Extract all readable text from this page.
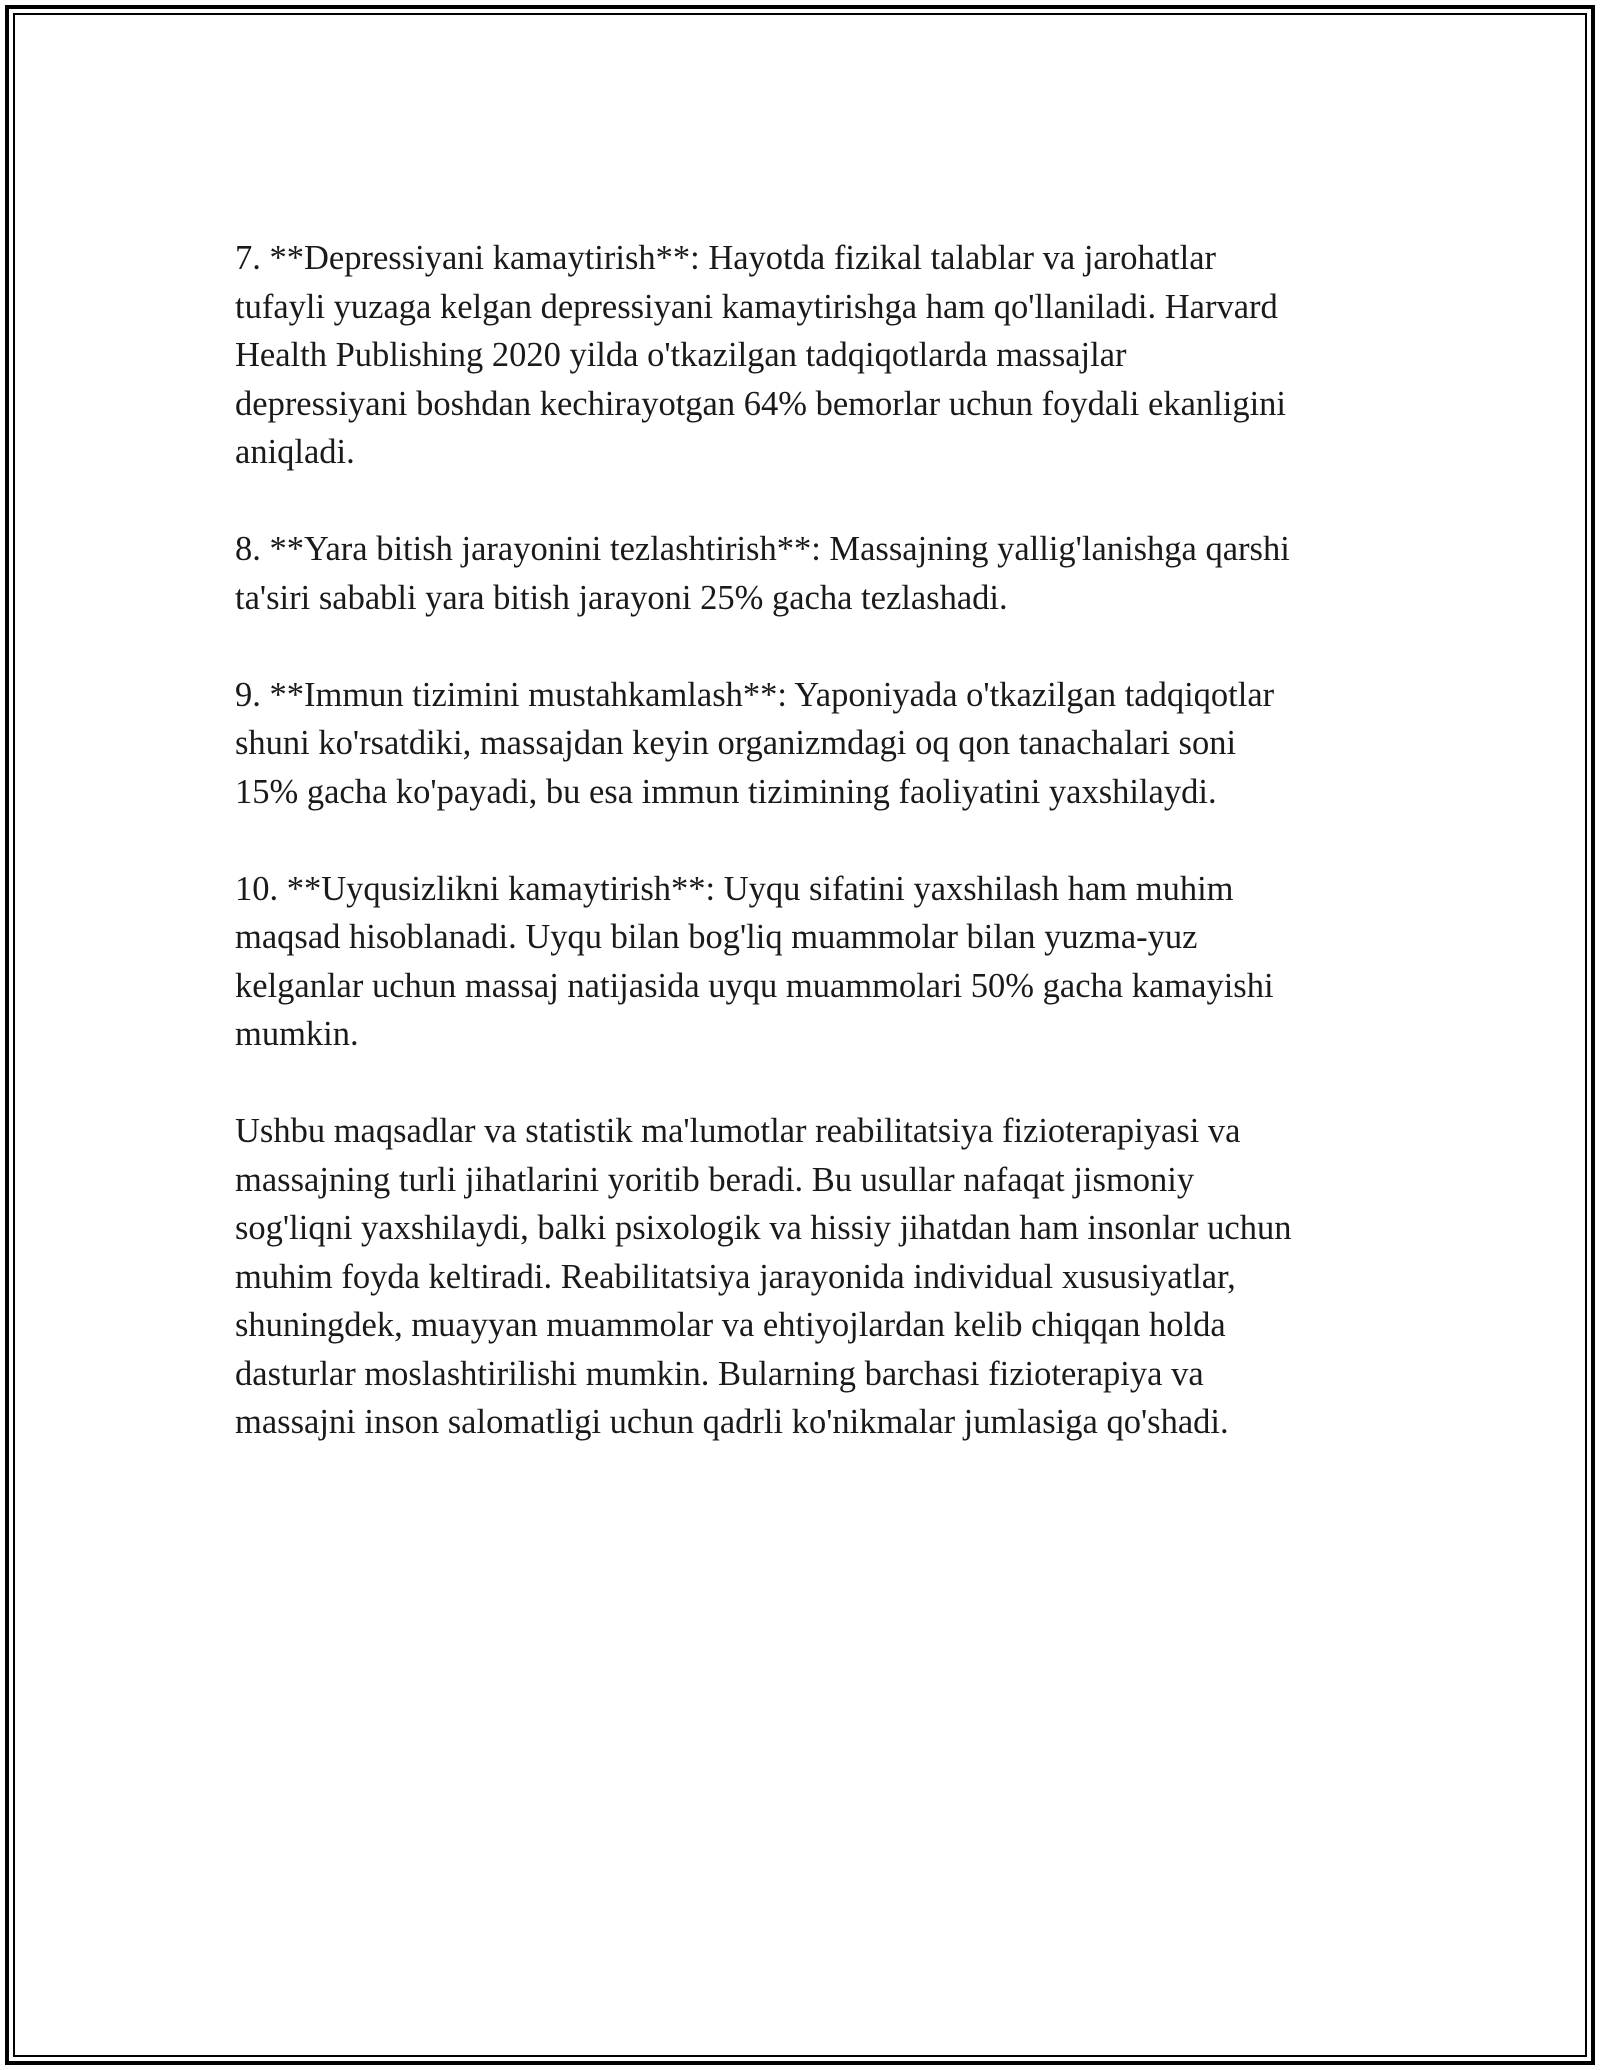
7. **Depressiyani kamaytirish**: Hayotda fizikal talablar va jarohatlar
tufayli yuzaga kelgan depressiyani kamaytirishga ham qo'llaniladi. Harvard
Health Publishing 2020 yilda o'tkazilgan tadqiqotlarda massajlar
depressiyani boshdan kechirayotgan 64% bemorlar uchun foydali ekanligini
aniqladi.

8. **Yara bitish jarayonini tezlashtirish**: Massajning yallig'lanishga qarshi
ta'siri sababli yara bitish jarayoni 25% gacha tezlashadi.

9. **Immun tizimini mustahkamlash**: Yaponiyada o'tkazilgan tadqiqotlar
shuni ko'rsatdiki, massajdan keyin organizmdagi oq qon tanachalari soni
15% gacha ko'payadi, bu esa immun tizimining faoliyatini yaxshilaydi.

10. **Uyqusizlikni kamaytirish**: Uyqu sifatini yaxshilash ham muhim
maqsad hisoblanadi. Uyqu bilan bog'liq muammolar bilan yuzma-yuz
kelganlar uchun massaj natijasida uyqu muammolari 50% gacha kamayishi
mumkin.

Ushbu maqsadlar va statistik ma'lumotlar reabilitatsiya fizioterapiyasi va
massajning turli jihatlarini yoritib beradi. Bu usullar nafaqat jismoniy
sog'liqni yaxshilaydi, balki psixologik va hissiy jihatdan ham insonlar uchun
muhim foyda keltiradi. Reabilitatsiya jarayonida individual xususiyatlar,
shuningdek, muayyan muammolar va ehtiyojlardan kelib chiqqan holda
dasturlar moslashtirilishi mumkin. Bularning barchasi fizioterapiya va
massajni inson salomatligi uchun qadrli ko'nikmalar jumlasiga qo'shadi.
